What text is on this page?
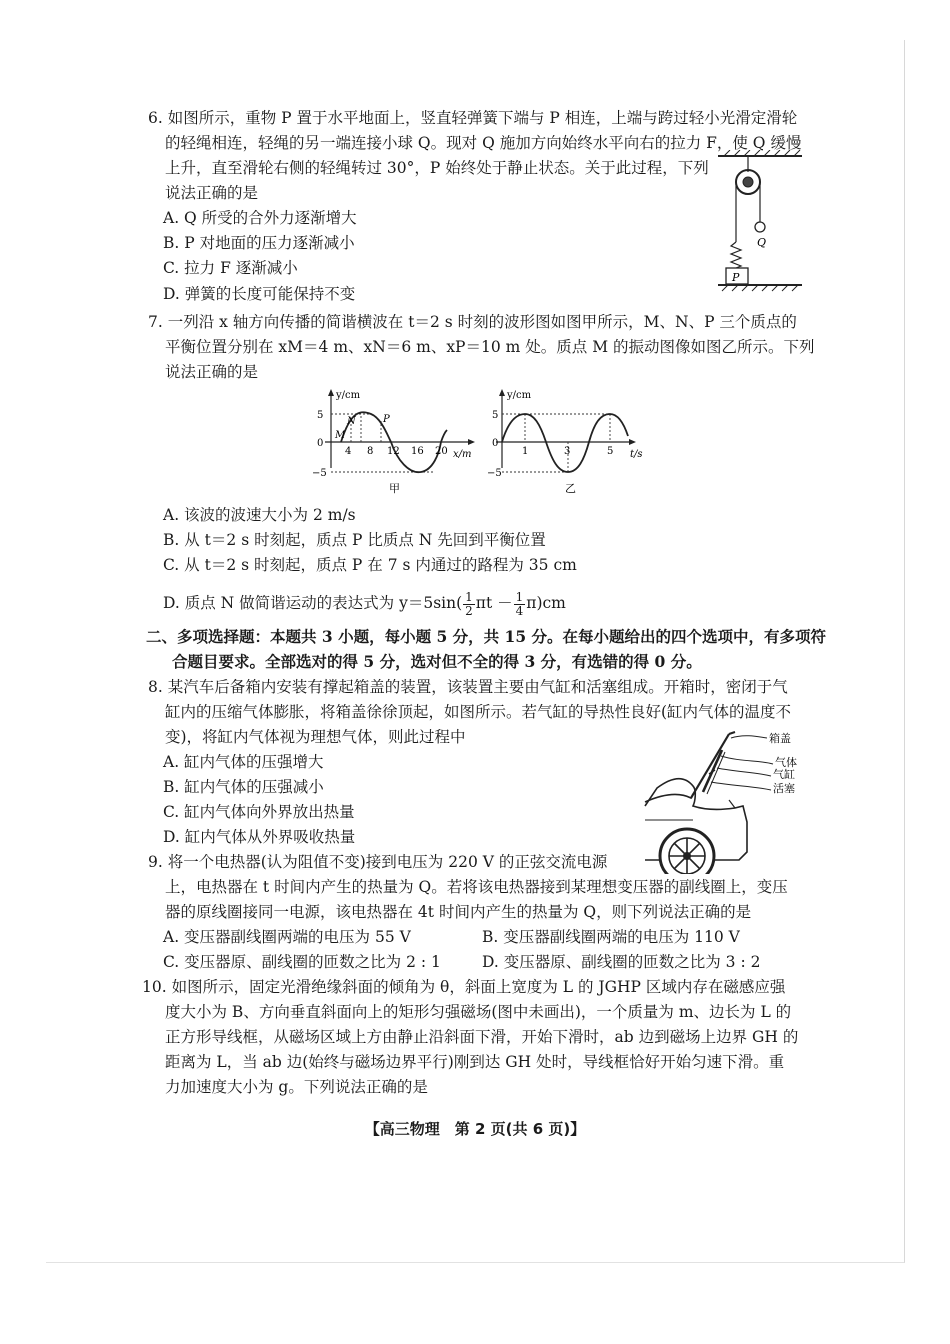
6. 如图所示，重物 P 置于水平地面上，竖直轻弹簧下端与 P 相连，上端与跨过轻小光滑定滑轮
的轻绳相连，轻绳的另一端连接小球 Q。现对 Q 施加方向始终水平向右的拉力 F，使 Q 缓慢
上升，直至滑轮右侧的轻绳转过 30°，P 始终处于静止状态。关于此过程，下列
说法正确的是
A. Q 所受的合外力逐渐增大
B. P 对地面的压力逐渐减小
C. 拉力 F 逐渐减小
D. 弹簧的长度可能保持不变
Q
P
7. 一列沿 x 轴方向传播的简谐横波在 t＝2 s 时刻的波形图如图甲所示，M、N、P 三个质点的
平衡位置分别在 xM＝4 m、xN＝6 m、xP＝10 m 处。质点 M 的振动图像如图乙所示。下列
说法正确的是
y/cm
x/m
5
0
−5
4 8 12 16 20
M
N	P
甲
y/cm
t/s
5
0
−5
1	3	5
乙
A. 该波的波速大小为 2 m/s
B. 从 t＝2 s 时刻起，质点 P 比质点 N 先回到平衡位置
C. 从 t＝2 s 时刻起，质点 P 在 7 s 内通过的路程为 35 cm
D. 质点 N 做简谐运动的表达式为 $y=5\sin( \frac{1}{2}$ $\pi t - \frac{1}{4} \pi)cm$
二、多项选择题：本题共 3 小题，每小题 5 分，共 15 分。在每小题给出的四个选项中，有多项符
合题目要求。全部选对的得 5 分，选对但不全的得 3 分，有选错的得 0 分。
8. 某汽车后备箱内安装有撑起箱盖的装置，该装置主要由气缸和活塞组成。开箱时，密闭于气
缸内的压缩气体膨胀，将箱盖徐徐顶起，如图所示。若气缸的导热性良好(缸内气体的温度不
变)，将缸内气体视为理想气体，则此过程中
A. 缸内气体的压强增大
B. 缸内气体的压强减小
C. 缸内气体向外界放出热量
D. 缸内气体从外界吸收热量
箱盖
气体
气缸
活塞
9. 将一个电热器(认为阻值不变)接到电压为 220 V 的正弦交流电源
上，电热器在 t 时间内产生的热量为 Q。若将该电热器接到某理想变压器的副线圈上，变压
器的原线圈接同一电源，该电热器在 4t 时间内产生的热量为 Q，则下列说法正确的是
A. 变压器副线圈两端的电压为 55 V	B. 变压器副线圈两端的电压为 110 V
C. 变压器原、副线圈的匝数之比为 2 : 1	D. 变压器原、副线圈的匝数之比为 3 : 2
10. 如图所示，固定光滑绝缘斜面的倾角为 θ，斜面上宽度为 L 的 JGHP 区域内存在磁感应强
度大小为 B、方向垂直斜面向上的矩形匀强磁场(图中未画出)，一个质量为 m、边长为 L 的
正方形导线框，从磁场区域上方由静止沿斜面下滑，开始下滑时，ab 边到磁场上边界 GH 的
距离为 L，当 ab 边(始终与磁场边界平行)刚到达 GH 处时，导线框恰好开始匀速下滑。重
力加速度大小为 g。下列说法正确的是
【高三物理　第 2 页(共 6 页)】
